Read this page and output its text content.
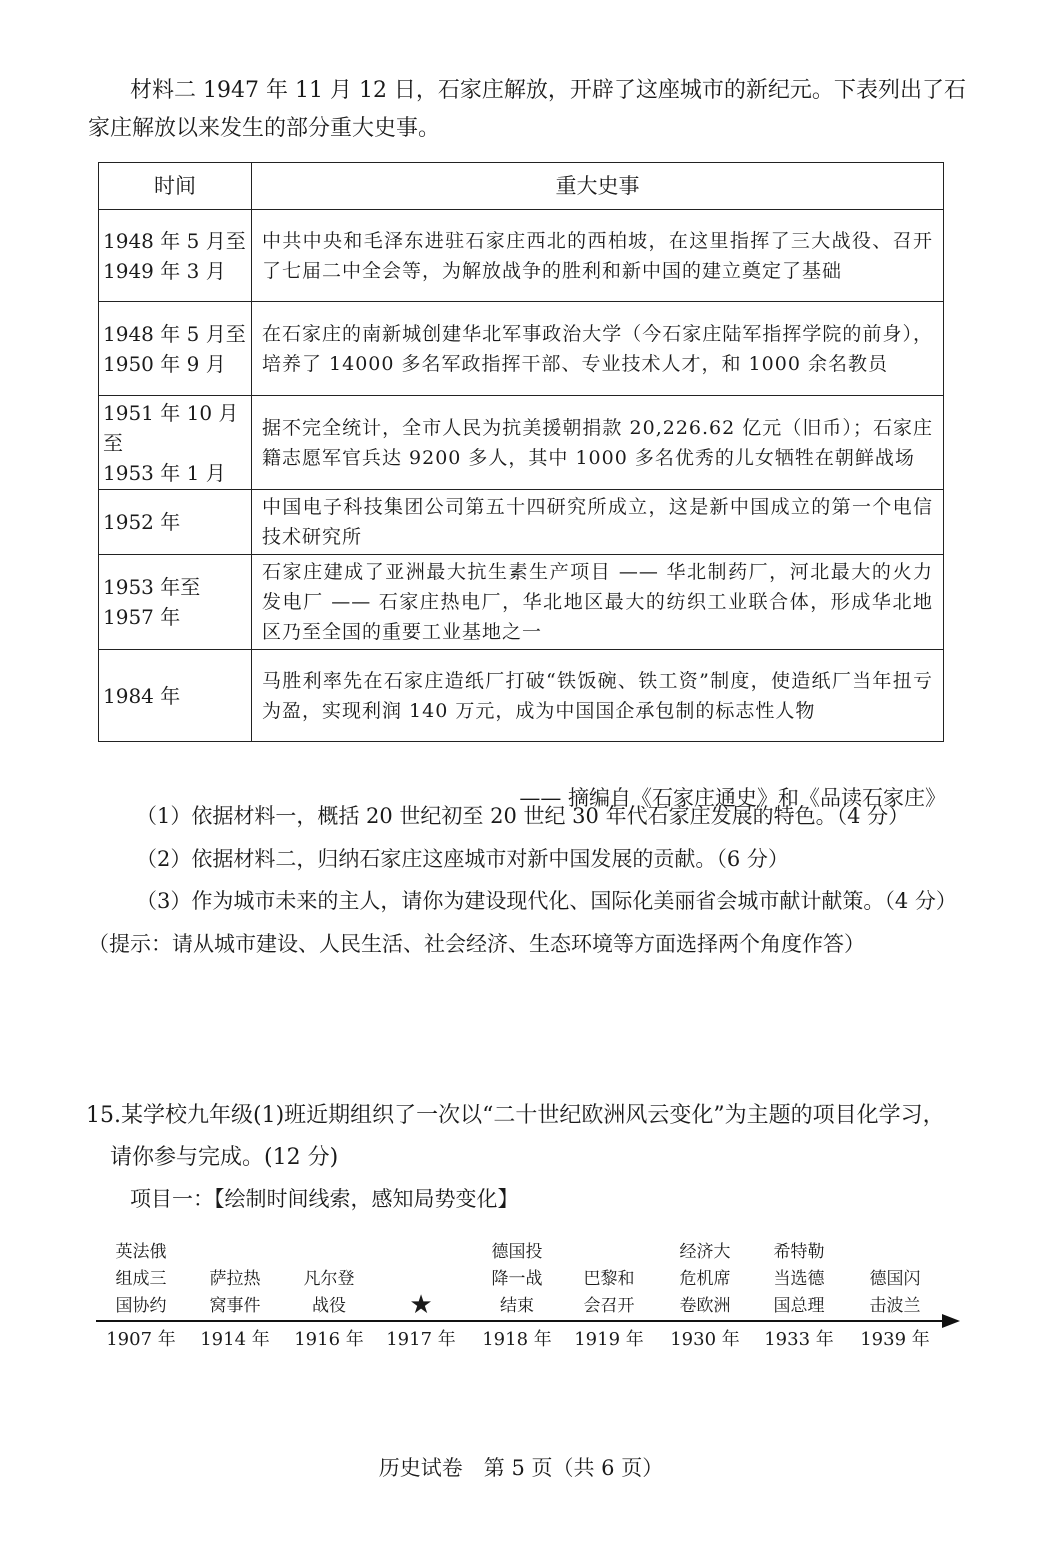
材料二 1947 年 11 月 12 日，石家庄解放，开辟了这座城市的新纪元。下表列出了石家庄解放以来发生的部分重大史事。
时间	重大史事
1948 年 5 月至
1949 年 3 月	中共中央和毛泽东进驻石家庄西北的西柏坡，在这里指挥了三大战役、召开了七届二中全会等，为解放战争的胜利和新中国的建立奠定了基础
1948 年 5 月至
1950 年 9 月	在石家庄的南新城创建华北军事政治大学（今石家庄陆军指挥学院的前身），培养了 14000 多名军政指挥干部、专业技术人才，和 1000 余名教员
1951 年 10 月至
1953 年 1 月	据不完全统计，全市人民为抗美援朝捐款 20,226.62 亿元（旧币）；石家庄籍志愿军官兵达 9200 多人，其中 1000 多名优秀的儿女牺牲在朝鲜战场
1952 年	中国电子科技集团公司第五十四研究所成立，这是新中国成立的第一个电信技术研究所
1953 年至
1957 年	石家庄建成了亚洲最大抗生素生产项目 —— 华北制药厂，河北最大的火力发电厂 —— 石家庄热电厂，华北地区最大的纺织工业联合体，形成华北地区乃至全国的重要工业基地之一
1984 年	马胜利率先在石家庄造纸厂打破“铁饭碗、铁工资”制度，使造纸厂当年扭亏为盈，实现利润 140 万元，成为中国国企承包制的标志性人物
—— 摘编自《石家庄通史》和《品读石家庄》
（1）依据材料一，概括 20 世纪初至 20 世纪 30 年代石家庄发展的特色。（4 分）
（2）依据材料二，归纳石家庄这座城市对新中国发展的贡献。（6 分）
（3）作为城市未来的主人，请你为建设现代化、国际化美丽省会城市献计献策。（4 分）
（提示：请从城市建设、人民生活、社会经济、生态环境等方面选择两个角度作答）
15.某学校九年级(1)班近期组织了一次以“二十世纪欧洲风云变化”为主题的项目化学习，
请你参与完成。(12 分)
项目一：【绘制时间线索，感知局势变化】
英法俄
组成三
国协约
萨拉热
窝事件
凡尔登
战役	★
德国投
降一战
结束
巴黎和
会召开
经济大
危机席
卷欧洲
希特勒
当选德
国总理
德国闪
击波兰
1907 年	1914 年	1916 年	1917 年	1918 年	1919 年	1930 年	1933 年	1939 年
历史试卷　第 5 页（共 6 页）
